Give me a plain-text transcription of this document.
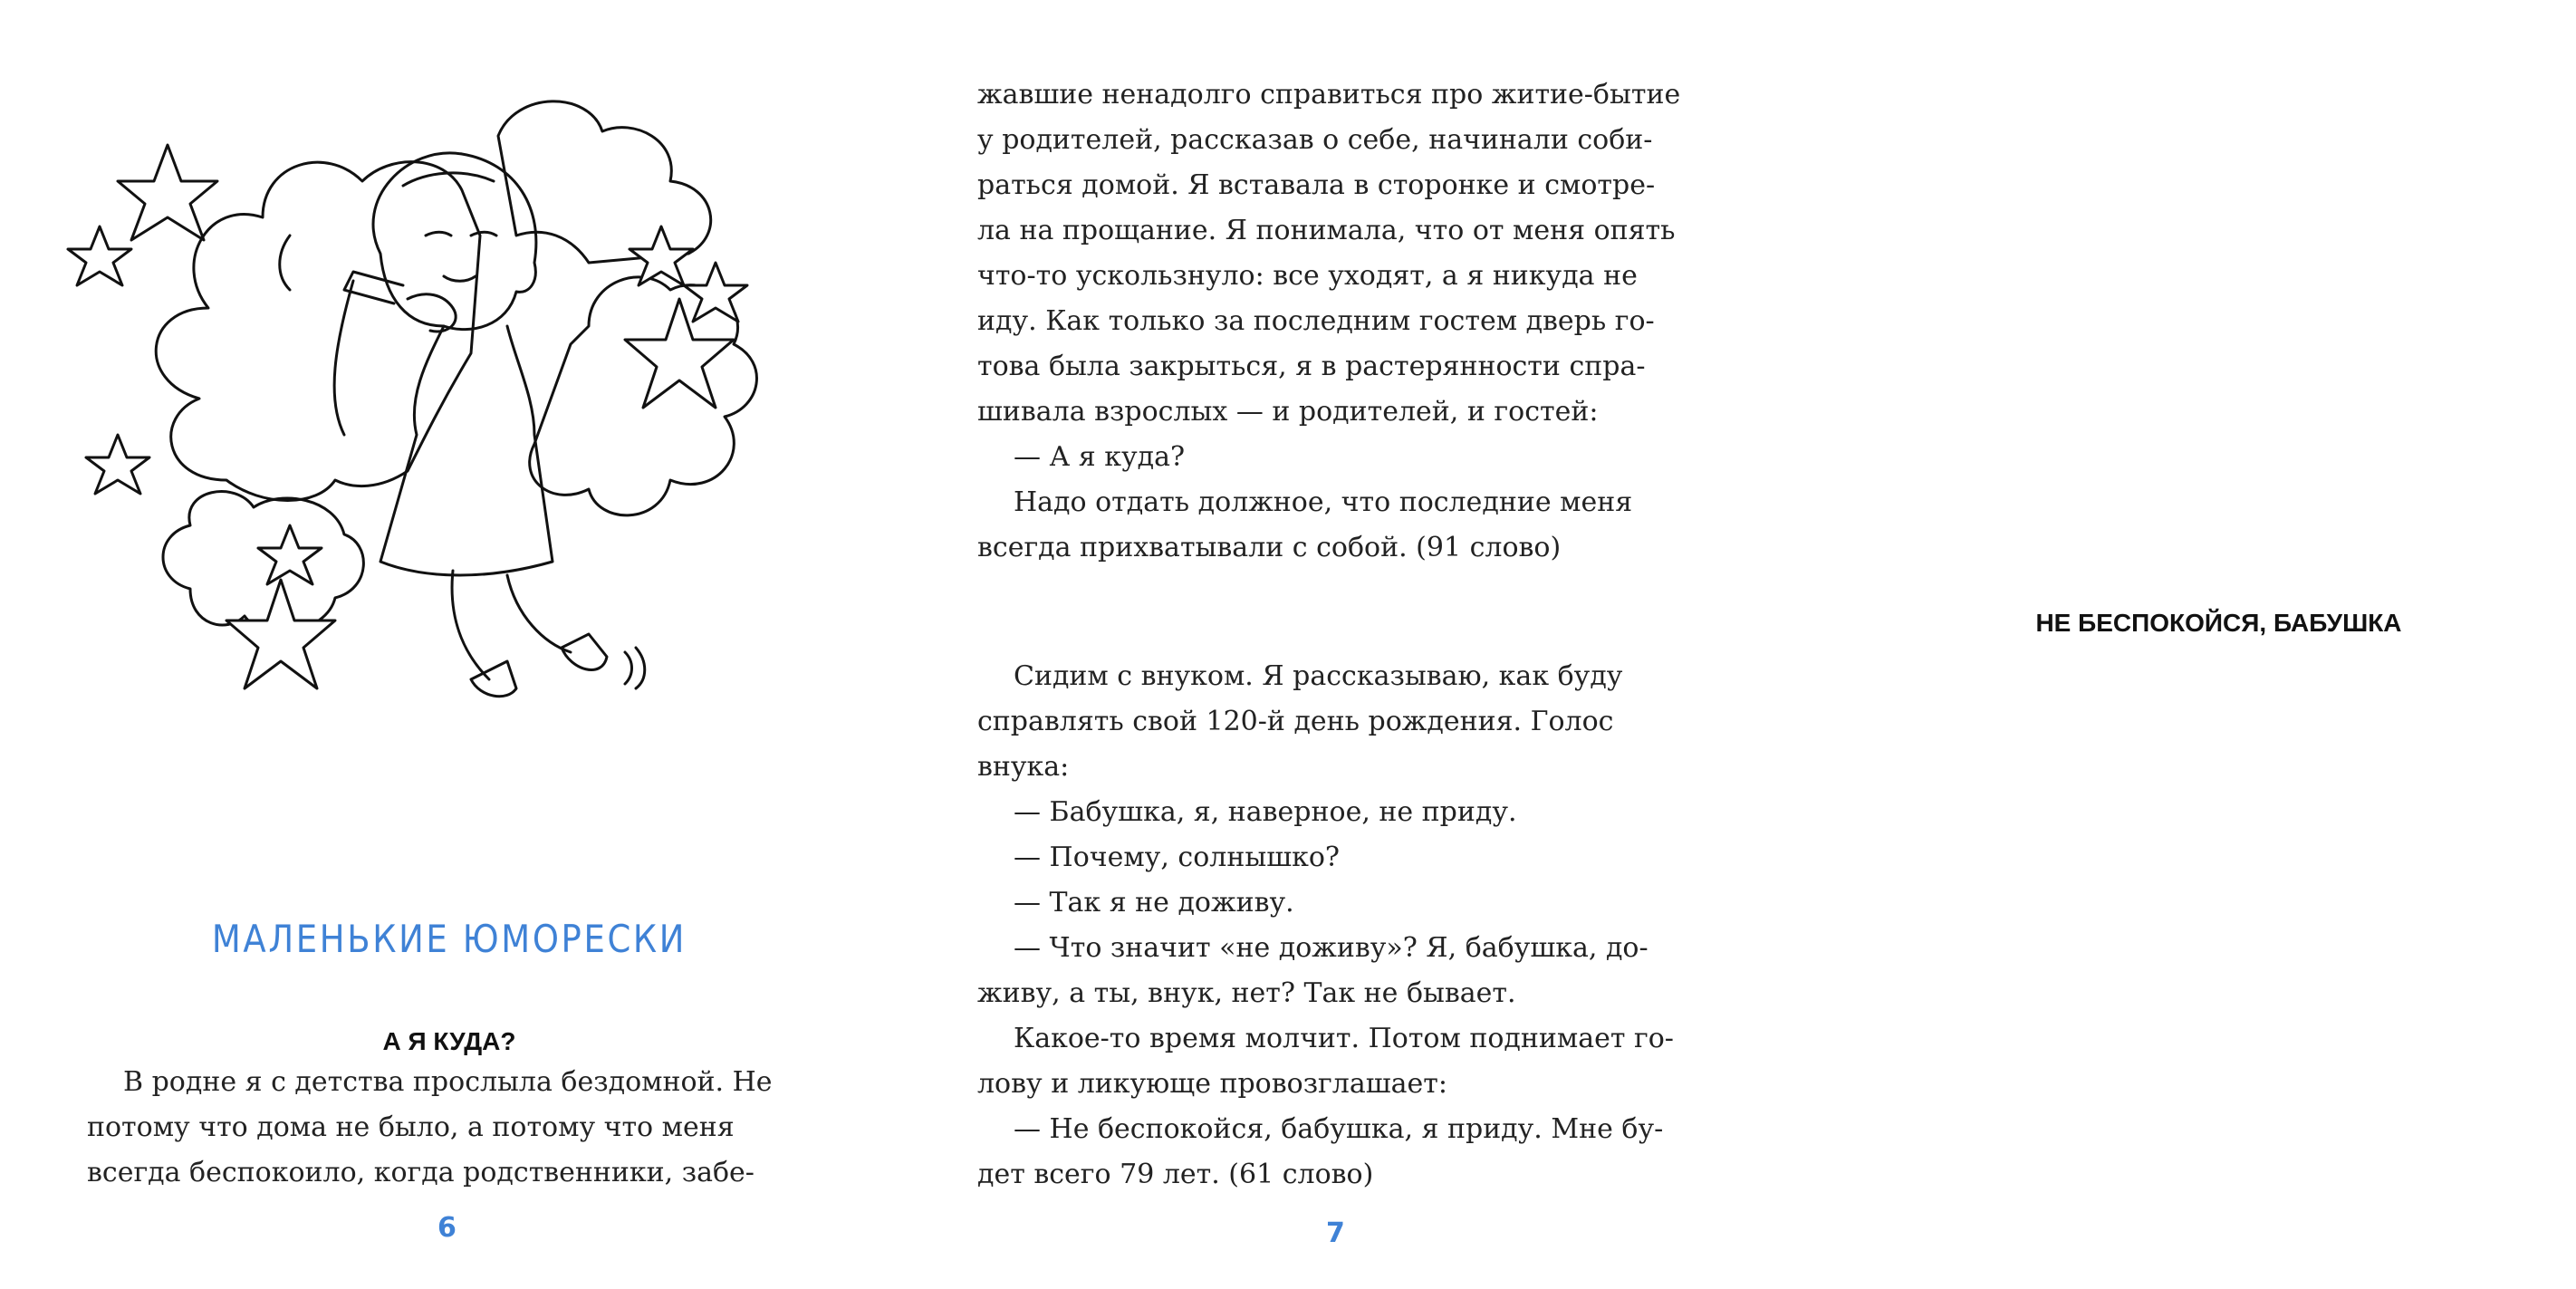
МАЛЕНЬКИЕ ЮМОРЕСКИ
А Я КУДА?
В родне я с детства прослыла бездомной. Не
потому что дома не было, а потому что меня
всегда беспокоило, когда родственники, забе-
6
жавшие ненадолго справиться про житие-бытие
у родителей, рассказав о себе, начинали соби-
раться домой. Я вставала в сторонке и смотре-
ла на прощание. Я понимала, что от меня опять
что-то ускользнуло: все уходят, а я никуда не
иду. Как только за последним гостем дверь го-
това была закрыться, я в растерянности спра-
шивала взрослых — и родителей, и гостей:
— А я куда?
Надо отдать должное, что последние меня
всегда прихватывали с собой. (91 слово)
НЕ БЕСПОКОЙСЯ, БАБУШКА
Сидим с внуком. Я рассказываю, как буду
справлять свой 120-й день рождения. Голос
внука:
— Бабушка, я, наверное, не приду.
— Почему, солнышко?
— Так я не доживу.
— Что значит «не доживу»? Я, бабушка, до-
живу, а ты, внук, нет? Так не бывает.
Какое-то время молчит. Потом поднимает го-
лову и ликующе провозглашает:
— Не беспокойся, бабушка, я приду. Мне бу-
дет всего 79 лет. (61 слово)
7
